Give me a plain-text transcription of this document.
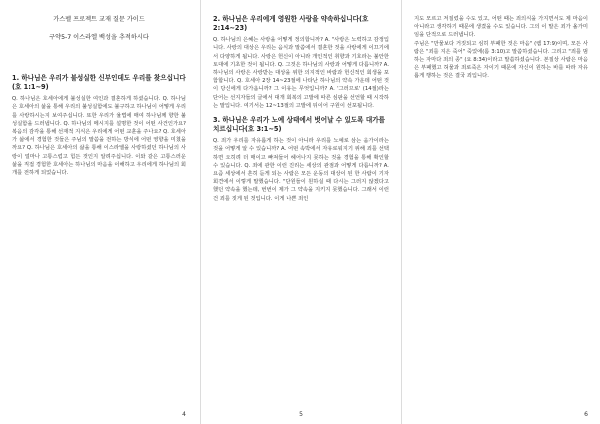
가스펠 프로젝트 교재 질문 가이드

구약5-7 이스라엘 백성을 추적하시다

1. 하나님은 우리가 불성실한 신부인데도 우리를 찾으십니다
(호 1:1~9)

Q. 하나님은 호세아에게 불성실한 여인과 결혼하게 하셨습니다. Q. 하나님은 호세아의 삶을 통해 우리의 불성실함에도 불구하고 하나님이 어떻게 우리를 사랑하시는지 보여주십니다. 또한 우리가 율법에 매여 하나님께 향한 불성실함을 드러냅니다. Q. 하나님의 메시지를 설명한 것이 어떤 사건인가요? 복음의 감각을 통해 선재적 지식은 우리에게 어떤 교훈을 주나요? Q. 호세아가 삶에서 경험한 것들은 주님의 말씀을 전하는 방식에 어떤 영향을 미쳤을까요? Q. 하나님은 호세아의 삶을 통해 이스라엘을 사랑하셨던 하나님의 사랑이 얼마나 고통스럽고 힘든 것인지 알려주십니다. 이와 같은 고통스러운 삶을 직접 경험한 호세아는 하나님의 마음을 이해하고 우리에게 하나님의 회개를 전하게 되었습니다.

4

2. 하나님은 우리에게 영원한 사랑을 약속하십니다(호 2:14~23)

Q. 하나님의 은혜는 사랑을 어떻게 정의합니까? A. "사랑은 노력하고 감정입니다. 사랑의 대상은 우리는 음식과 말씀에서 결혼한 것을 사랑에게 이끄기에서 다양하게 됩니다. 사랑은 헌신이 아니라 개인적인 취향과 기호라는 불안한 토대에 기초한 것이 됩니다. Q. 그것은 하나님의 사랑과 어떻게 다릅니까? A. 하나님의 사랑은 사랑받는 대상을 위한 의지적인 바람과 헌신적인 회생을 포함합니다. Q. 호세아 2장 14~23절에 나타난 하나님의 약속 가운데 어떤 것이 당신에게 다가옵니까? 그 이유는 무엇입니까? A. '그러므로' (14절)라는 단어는 선지자들의 글에서 대개 회복의 고발에 따른 심판을 선언할 때 시작하는 말입니다. 여기서는 12~13절의 고발에 뒤이어 구원이 선포됩니다.

3. 하나님은 우리가 노예 상태에서 벗어날 수 있도록 대가를 치르십니다(호 3:1~5)

Q. 죄가 우리를 자유롭게 하는 것이 아니라 우리를 노예로 삼는 움가이라는 것을 어떻게 알 수 있습니까? A. 어떤 속박에서 자유로워지기 위해 죄를 선택하면 오히려 더 매이고 빠져들어 헤어나지 못하는 것을 경험을 통해 확인할 수 있습니다. Q. 죄에 관한 이런 진리는 세상의 관점과 어떻게 다릅니까? A. 요즘 세상에서 흔히 듣게 되는 사람은 모든 운동의 대상이 된 한 사람이 기자 회견에서 이렇게 말했습니다. "단원들이 원하실 때 다시는 그러지 않겠다고 했던 약속을 했는데, 번번이 제가 그 약속을 지키지 못했습니다. 그래서 이런 건 죄를 짓게 된 것입니다. 이게 나쁜 죄인

5

지도 모르고 저질렀을 수도 있고, 어떤 때는 죄의식을 가지면서도 제 마음이 아니라고 생각하기 때문에 생겼을 수도 있습니다. 그의 이 말은 죄가 올가미임을 단적으로 드러냅니다.

주님은 "만물보다 거짓되고 심히 부패한 것은 마음" (렘 17:9)이며, 모든 사람은 "죄를 지은 죽어" 죽었에(롬 3:10)고 말씀하셨습니다. 그리고 "죄를 범하는 자마다 죄의 종" (요 8:34)이라고 말씀하셨습니다. 본질상 사람은 마음은 부패했고 허물과 죄로죽은 자이기 때문에 자신이 원하는 바를 따라 자유롭게 행하는 것은 결국 죄입니다.

6
